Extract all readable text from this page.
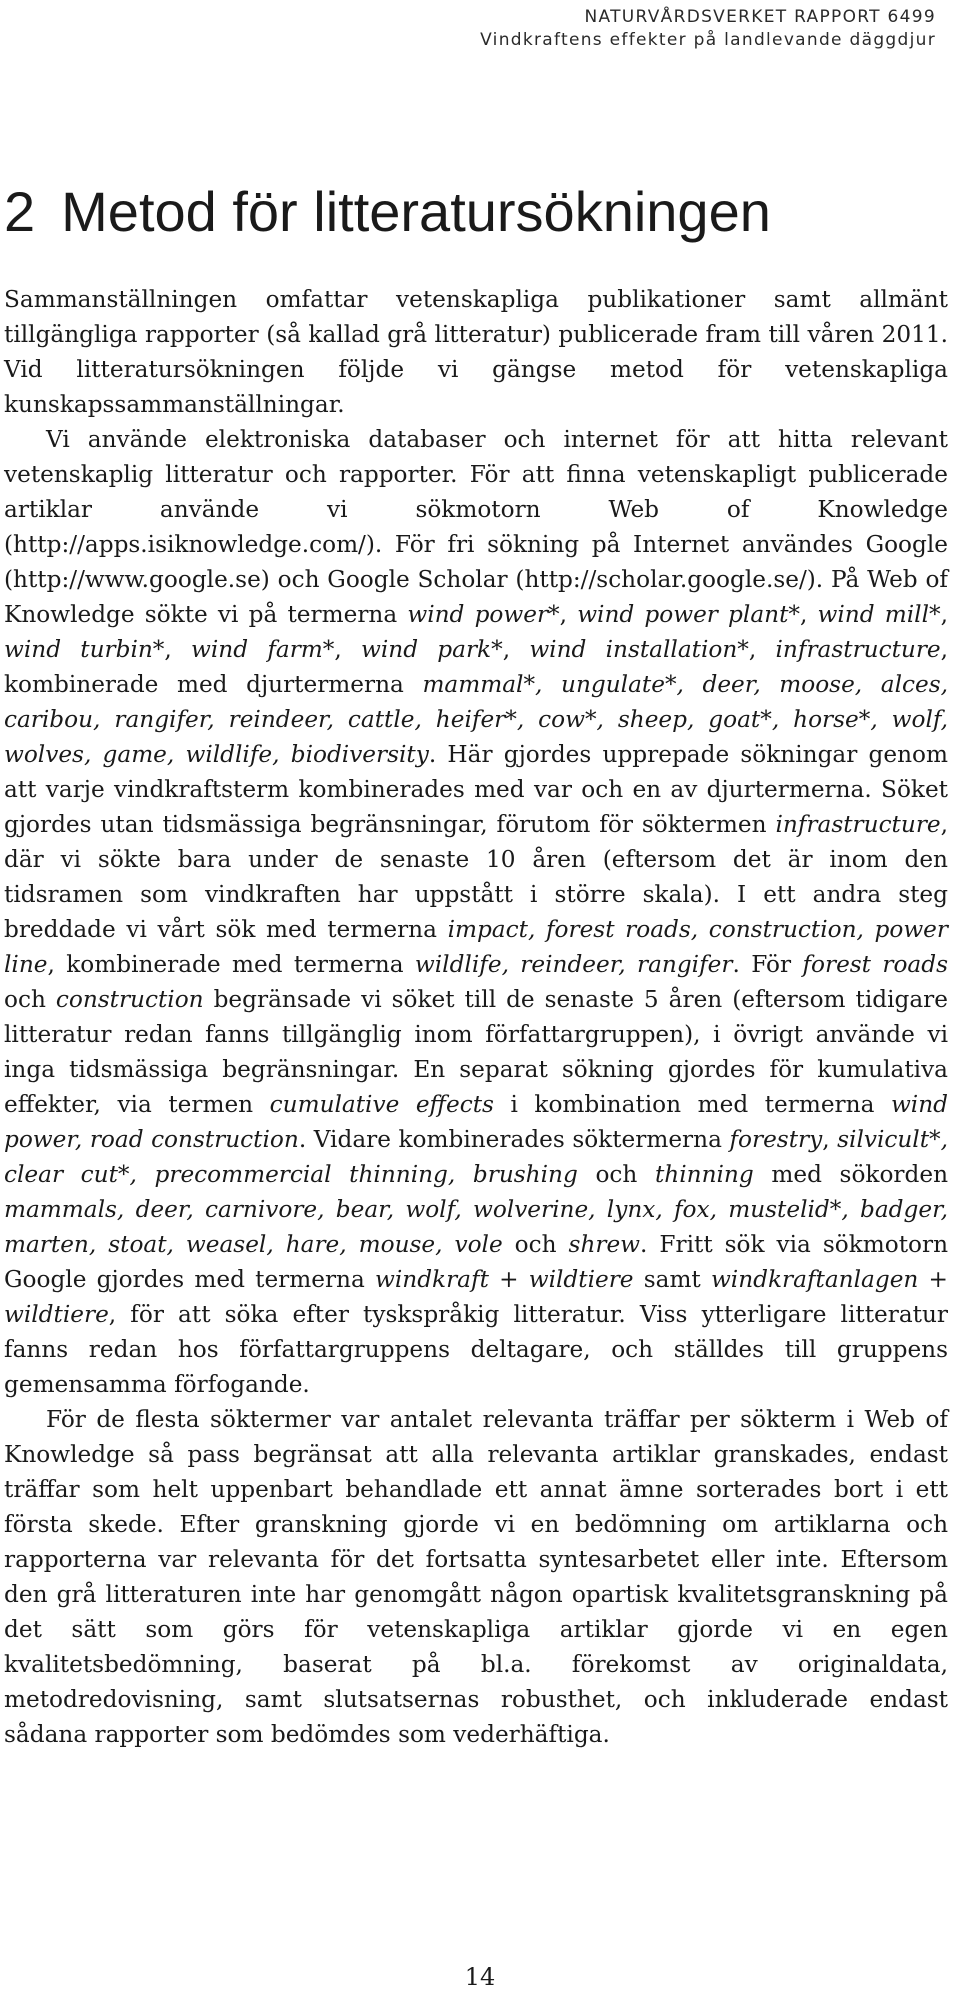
NATURVÅRDSVERKET RAPPORT 6499
Vindkraftens effekter på landlevande däggdjur
2 Metod för litteratursökningen

Sammanställningen omfattar vetenskapliga publikationer samt allmänt tillgängliga rapporter (så kallad grå litteratur) publicerade fram till våren 2011. Vid litteratursökningen följde vi gängse metod för vetenskapliga kunskapssammanställningar.

Vi använde elektroniska databaser och internet för att hitta relevant vetenskaplig litteratur och rapporter. För att finna vetenskapligt publicerade artiklar använde vi sökmotorn Web of Knowledge (http://apps.isiknowledge.com/). För fri sökning på Internet användes Google (http://www.google.se) och Google Scholar (http://scholar.google.se/). På Web of Knowledge sökte vi på termerna wind power*, wind power plant*, wind mill*, wind turbin*, wind farm*, wind park*, wind installation*, infrastructure, kombinerade med djurtermerna mammal*, ungulate*, deer, moose, alces, caribou, rangifer, reindeer, cattle, heifer*, cow*, sheep, goat*, horse*, wolf, wolves, game, wildlife, biodiversity. Här gjordes upprepade sökningar genom att varje vindkraftsterm kombinerades med var och en av djurtermerna. Söket gjordes utan tidsmässiga begränsningar, förutom för söktermen infrastructure, där vi sökte bara under de senaste 10 åren (eftersom det är inom den tidsramen som vindkraften har uppstått i större skala). I ett andra steg breddade vi vårt sök med termerna impact, forest roads, construction, power line, kombinerade med termerna wildlife, reindeer, rangifer. För forest roads och construction begränsade vi söket till de senaste 5 åren (eftersom tidigare litteratur redan fanns tillgänglig inom författargruppen), i övrigt använde vi inga tidsmässiga begränsningar. En separat sökning gjordes för kumulativa effekter, via termen cumulative effects i kombination med termerna wind power, road construction. Vidare kombinerades söktermerna forestry, silvicult*, clear cut*, precommercial thinning, brushing och thinning med sökorden mammals, deer, carnivore, bear, wolf, wolverine, lynx, fox, mustelid*, badger, marten, stoat, weasel, hare, mouse, vole och shrew. Fritt sök via sökmotorn Google gjordes med termerna windkraft + wildtiere samt windkraftanlagen + wildtiere, för att söka efter tyskspråkig litteratur. Viss ytterligare litteratur fanns redan hos författargruppens deltagare, och ställdes till gruppens gemensamma förfogande.

För de flesta söktermer var antalet relevanta träffar per sökterm i Web of Knowledge så pass begränsat att alla relevanta artiklar granskades, endast träffar som helt uppenbart behandlade ett annat ämne sorterades bort i ett första skede. Efter granskning gjorde vi en bedömning om artiklarna och rapporterna var relevanta för det fortsatta syntesarbetet eller inte. Eftersom den grå litteraturen inte har genomgått någon opartisk kvalitetsgranskning på det sätt som görs för vetenskapliga artiklar gjorde vi en egen kvalitetsbedömning, baserat på bl.a. förekomst av originaldata, metodredovisning, samt slutsatsernas robusthet, och inkluderade endast sådana rapporter som bedömdes som vederhäftiga.

14
